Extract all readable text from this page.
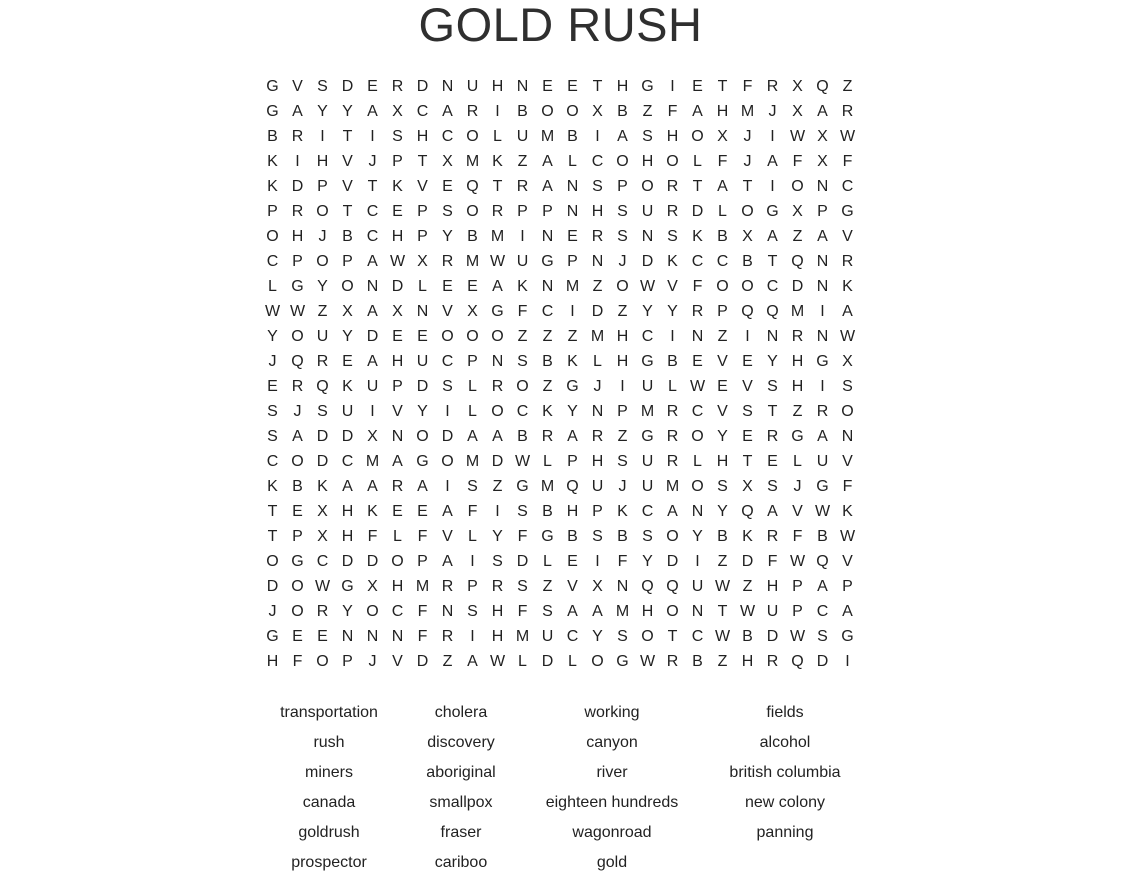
GOLD RUSH
G V S D E R D N U H N E E T H G	I	E T F R X Q Z
G A Y Y A X C A R	I	B O O X B Z F A H M J X A R
B R	I	T	I	S H C O L U M B	I	A S H O X J	I W X W
K	I	H V J P T X M K Z A L C O H O L F	J A F X F
K D P V T K V E Q T R A N S P O R T A T	I	O N C
P R O T C E P S O R P P N H S U R D L O G X P G
O H J B C H P Y B M	I	N E R S N S K B X A Z A V
C P O P A W X R M W U G P N J D K C C B T Q N R
L G Y O N D L E E A K N M Z O W V F O O C D N K
W W Z X A X N V X G F C	I	D Z Y Y R P Q Q M	I	A
Y O U Y D E E O O O Z Z Z M H C	I	N Z	I	N R N W
J Q R E A H U C P N S B K L H G B E V E Y H G X
E R Q K U P D S L R O Z G J	I	U L W E V S H	I	S
S J S U	I	V Y	I	L O C K Y N P M R C V S T Z R O
S A D D X N O D A A B R A R Z G R O Y E R G A N
C O D C M A G O M D W L P H S U R L H T E L U V
K B K A A R A	I	S Z G M Q U J U M O S X S J G F
T E X H K E E A F	I	S B H P K C A N Y Q A V W K
T P X H F L F V L Y F G B S B S O Y B K R F B W
O G C D D O P A	I	S D L E	I	F Y D	I	Z D F W Q V
D O W G X H M R P R S Z V X N Q Q U W Z H P A P
J O R Y O C F N S H F S A A M H O N T W U P C A
G E E N N N F R	I	H M U C Y S O T C W B D W S G
H F O P J V D Z A W L D L O G W R B Z H R Q D	I
transportation
rush
miners
canada
goldrush
prospector
cholera
discovery
aboriginal
smallpox
fraser
cariboo
working
canyon
river
eighteen hundreds
wagonroad
gold
fields
alcohol
british columbia
new colony
panning
